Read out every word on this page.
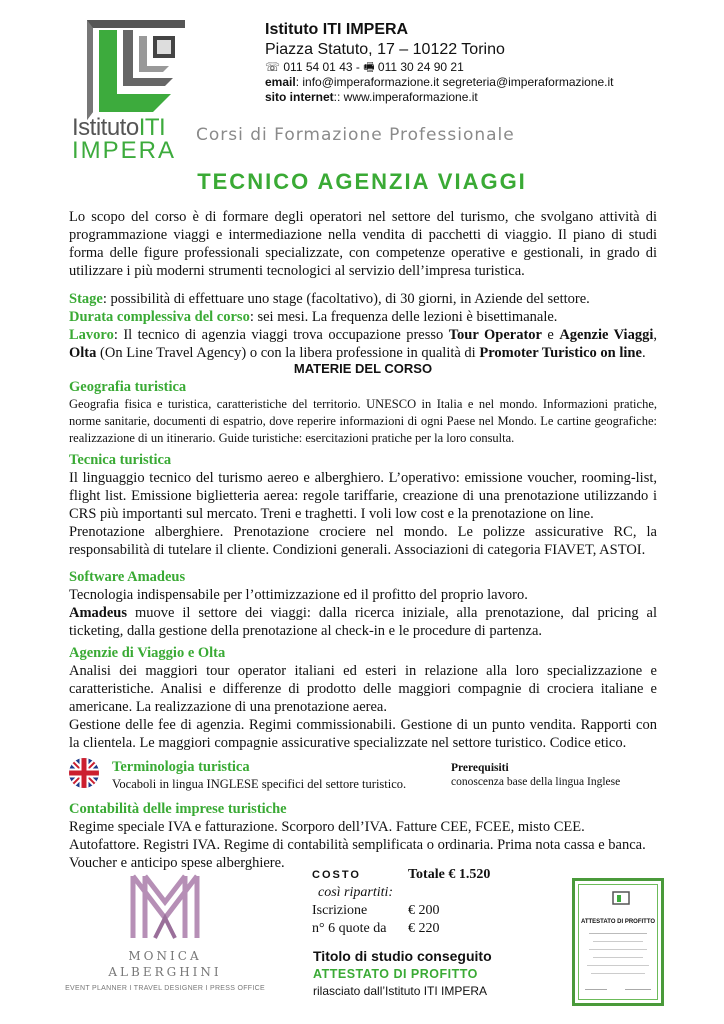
IstitutoITI
IMPERA
Istituto ITI IMPERA
Piazza Statuto, 17 – 10122 Torino
☏ 011 54 01 43 - 🖷 011 30 24 90 21
email: info@imperaformazione.it segreteria@imperaformazione.it
sito internet:: www.imperaformazione.it
Corsi di Formazione Professionale
TECNICO AGENZIA VIAGGI
Lo scopo del corso è di formare degli operatori nel settore del turismo, che svolgano attività di programmazione viaggi e intermediazione nella vendita di pacchetti di viaggio. Il piano di studi forma delle figure professionali specializzate, con competenze operative e gestionali, in grado di utilizzare i più moderni strumenti tecnologici al servizio dell’impresa turistica.
Stage: possibilità di effettuare uno stage (facoltativo), di 30 giorni, in Aziende del settore.
Durata complessiva del corso: sei mesi. La frequenza delle lezioni è bisettimanale.
Lavoro: Il tecnico di agenzia viaggi trova occupazione presso Tour Operator e Agenzie Viaggi, Olta (On Line Travel Agency) o con la libera professione in qualità di Promoter Turistico on line.
MATERIE DEL CORSO
Geografia turistica
Geografia fisica e turistica, caratteristiche del territorio. UNESCO in Italia e nel mondo. Informazioni pratiche, norme sanitarie, documenti di espatrio, dove reperire informazioni di ogni Paese nel Mondo. Le cartine geografiche: realizzazione di un itinerario. Guide turistiche: esercitazioni pratiche per la loro consulta.
Tecnica turistica
Il linguaggio tecnico del turismo aereo e alberghiero. L’operativo: emissione voucher, rooming-list, flight list. Emissione biglietteria aerea: regole tariffarie, creazione di una prenotazione utilizzando i CRS più importanti sul mercato. Treni e traghetti. I voli low cost e la prenotazione on line.
Prenotazione alberghiere. Prenotazione crociere nel mondo. Le polizze assicurative RC, la responsabilità di tutelare il cliente. Condizioni generali. Associazioni di categoria FIAVET, ASTOI.
Software Amadeus
Tecnologia indispensabile per l’ottimizzazione ed il profitto del proprio lavoro.
Amadeus muove il settore dei viaggi: dalla ricerca iniziale, alla prenotazione, dal pricing al ticketing, dalla gestione della prenotazione al check-in e le procedure di partenza.
Agenzie di Viaggio e Olta
Analisi dei maggiori tour operator italiani ed esteri in relazione alla loro specializzazione e caratteristiche. Analisi e differenze di prodotto delle maggiori compagnie di crociera italiane e americane. La realizzazione di una prenotazione aerea.
Gestione delle fee di agenzia. Regimi commissionabili. Gestione di un punto vendita. Rapporti con la clientela. Le maggiori compagnie assicurative specializzate nel settore turistico. Codice etico.
Terminologia turistica
Vocaboli in lingua INGLESE specifici del settore turistico.
Prerequisiti
conoscenza base della lingua Inglese
Contabilità delle imprese turistiche
Regime speciale IVA e fatturazione. Scorporo dell’IVA. Fatture CEE, FCEE, misto CEE. Autofattore. Registri IVA. Regime di contabilità semplificata o ordinaria. Prima nota cassa e banca. Voucher e anticipo spese alberghiere.
MONICA
ALBERGHINI
EVENT PLANNER I TRAVEL DESIGNER I PRESS OFFICE
COSTO	Totale € 1.520
così ripartiti:
Iscrizione	€ 200
n° 6 quote da	€ 220
Titolo di studio conseguito
ATTESTATO DI PROFITTO
rilasciato dall’Istituto ITI IMPERA
ATTESTATO DI PROFITTO
